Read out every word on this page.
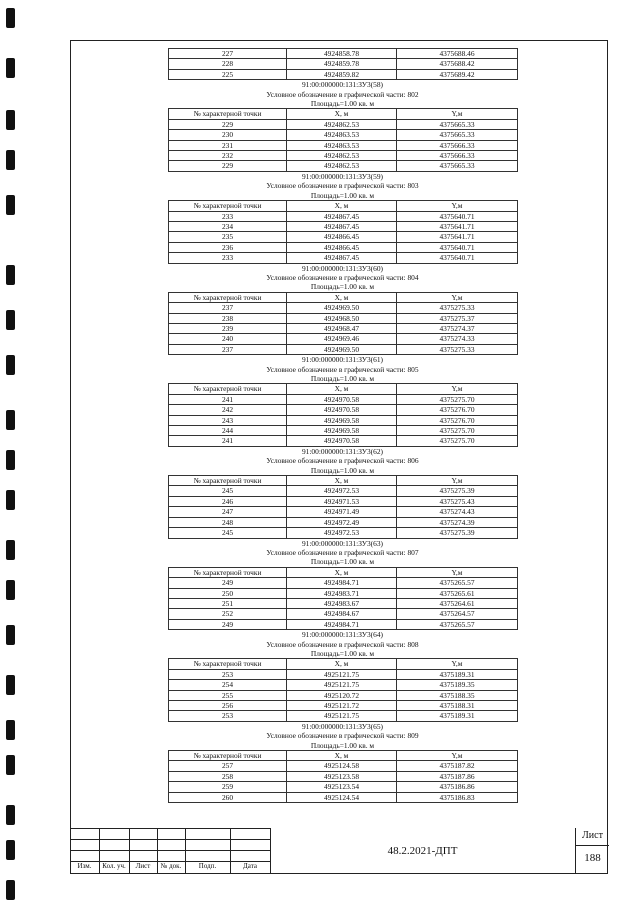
227	4924858.78	4375688.46
228	4924859.78	4375688.42
225	4924859.82	4375689.42
91:00:000000:131:ЗУ3(58)
Условное обозначение в графической части: 802
Площадь=1.00 кв. м
№ характерной точки	X, м	Y,м
229	4924862.53	4375665.33
230	4924863.53	4375665.33
231	4924863.53	4375666.33
232	4924862.53	4375666.33
229	4924862.53	4375665.33
91:00:000000:131:ЗУ3(59)
Условное обозначение в графической части: 803
Площадь=1.00 кв. м
№ характерной точки	X, м	Y,м
233	4924867.45	4375640.71
234	4924867.45	4375641.71
235	4924866.45	4375641.71
236	4924866.45	4375640.71
233	4924867.45	4375640.71
91:00:000000:131:ЗУ3(60)
Условное обозначение в графической части: 804
Площадь=1.00 кв. м
№ характерной точки	X, м	Y,м
237	4924969.50	4375275.33
238	4924968.50	4375275.37
239	4924968.47	4375274.37
240	4924969.46	4375274.33
237	4924969.50	4375275.33
91:00:000000:131:ЗУ3(61)
Условное обозначение в графической части: 805
Площадь=1.00 кв. м
№ характерной точки	X, м	Y,м
241	4924970.58	4375275.70
242	4924970.58	4375276.70
243	4924969.58	4375276.70
244	4924969.58	4375275.70
241	4924970.58	4375275.70
91:00:000000:131:ЗУ3(62)
Условное обозначение в графической части: 806
Площадь=1.00 кв. м
№ характерной точки	X, м	Y,м
245	4924972.53	4375275.39
246	4924971.53	4375275.43
247	4924971.49	4375274.43
248	4924972.49	4375274.39
245	4924972.53	4375275.39
91:00:000000:131:ЗУ3(63)
Условное обозначение в графической части: 807
Площадь=1.00 кв. м
№ характерной точки	X, м	Y,м
249	4924984.71	4375265.57
250	4924983.71	4375265.61
251	4924983.67	4375264.61
252	4924984.67	4375264.57
249	4924984.71	4375265.57
91:00:000000:131:ЗУ3(64)
Условное обозначение в графической части: 808
Площадь=1.00 кв. м
№ характерной точки	X, м	Y,м
253	4925121.75	4375189.31
254	4925121.75	4375189.35
255	4925120.72	4375188.35
256	4925121.72	4375188.31
253	4925121.75	4375189.31
91:00:000000:131:ЗУ3(65)
Условное обозначение в графической части: 809
Площадь=1.00 кв. м
№ характерной точки	X, м	Y,м
257	4925124.58	4375187.82
258	4925123.58	4375187.86
259	4925123.54	4375186.86
260	4925124.54	4375186.83
Изм.	Кол. уч.	Лист	№ док.	Подп.	Дата
48.2.2021-ДПТ
Лист
188
